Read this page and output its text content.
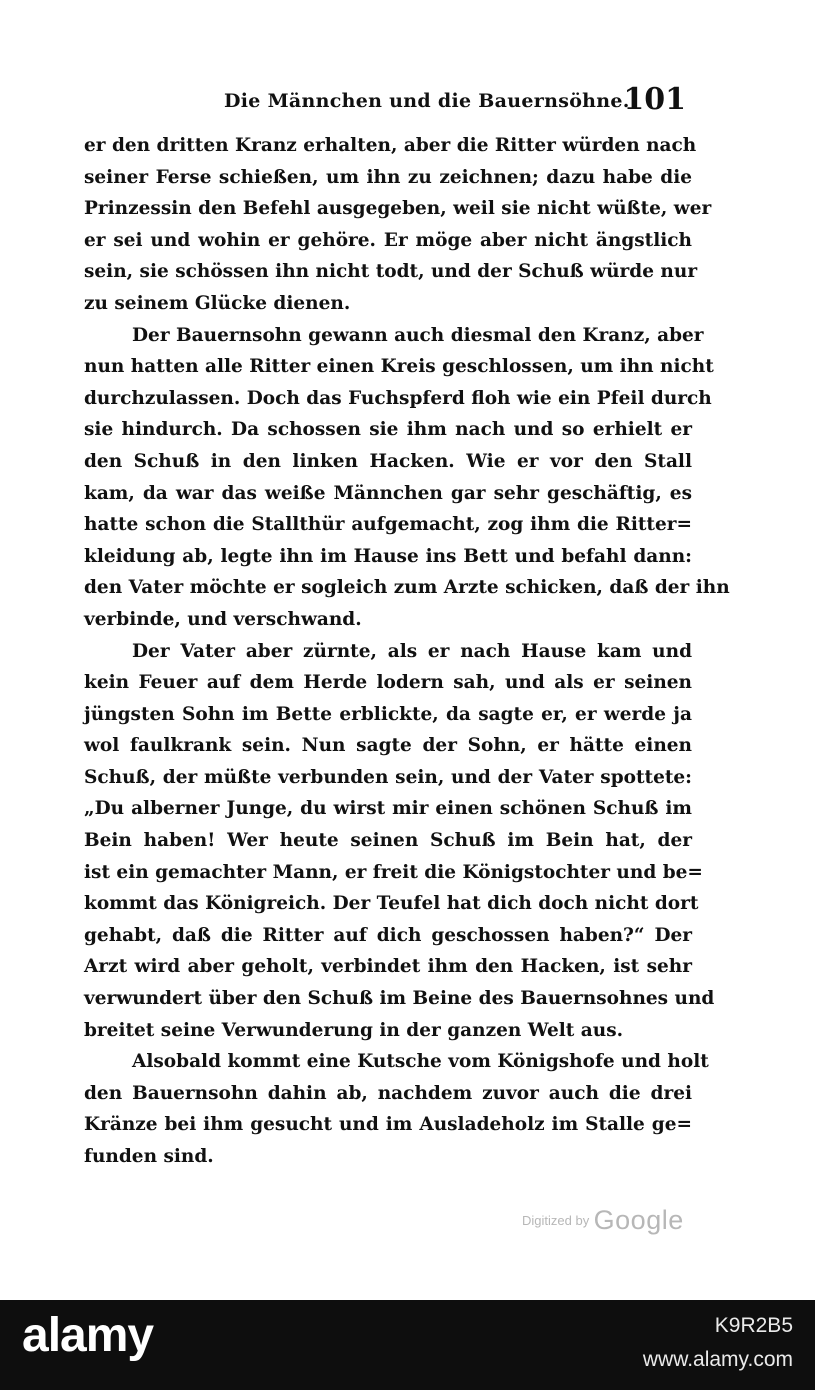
Die Männchen und die Bauernsöhne.
101
er den dritten Kranz erhalten, aber die Ritter würden nach
seiner Ferse schießen, um ihn zu zeichnen; dazu habe die
Prinzessin den Befehl ausgegeben, weil sie nicht wüßte, wer
er sei und wohin er gehöre. Er möge aber nicht ängstlich
sein, sie schössen ihn nicht todt, und der Schuß würde nur
zu seinem Glücke dienen.
Der Bauernsohn gewann auch diesmal den Kranz, aber
nun hatten alle Ritter einen Kreis geschlossen, um ihn nicht
durchzulassen. Doch das Fuchspferd floh wie ein Pfeil durch
sie hindurch. Da schossen sie ihm nach und so erhielt er
den Schuß in den linken Hacken. Wie er vor den Stall
kam, da war das weiße Männchen gar sehr geschäftig, es
hatte schon die Stallthür aufgemacht, zog ihm die Ritter=
kleidung ab, legte ihn im Hause ins Bett und befahl dann:
den Vater möchte er sogleich zum Arzte schicken, daß der ihn
verbinde, und verschwand.
Der Vater aber zürnte, als er nach Hause kam und
kein Feuer auf dem Herde lodern sah, und als er seinen
jüngsten Sohn im Bette erblickte, da sagte er, er werde ja
wol faulkrank sein. Nun sagte der Sohn, er hätte einen
Schuß, der müßte verbunden sein, und der Vater spottete:
„Du alberner Junge, du wirst mir einen schönen Schuß im
Bein haben! Wer heute seinen Schuß im Bein hat, der
ist ein gemachter Mann, er freit die Königstochter und be=
kommt das Königreich. Der Teufel hat dich doch nicht dort
gehabt, daß die Ritter auf dich geschossen haben?“ Der
Arzt wird aber geholt, verbindet ihm den Hacken, ist sehr
verwundert über den Schuß im Beine des Bauernsohnes und
breitet seine Verwunderung in der ganzen Welt aus.
Alsobald kommt eine Kutsche vom Königshofe und holt
den Bauernsohn dahin ab, nachdem zuvor auch die drei
Kränze bei ihm gesucht und im Ausladeholz im Stalle ge=
funden sind.
Digitized by Google
alamy	K9R2B5
www.alamy.com
